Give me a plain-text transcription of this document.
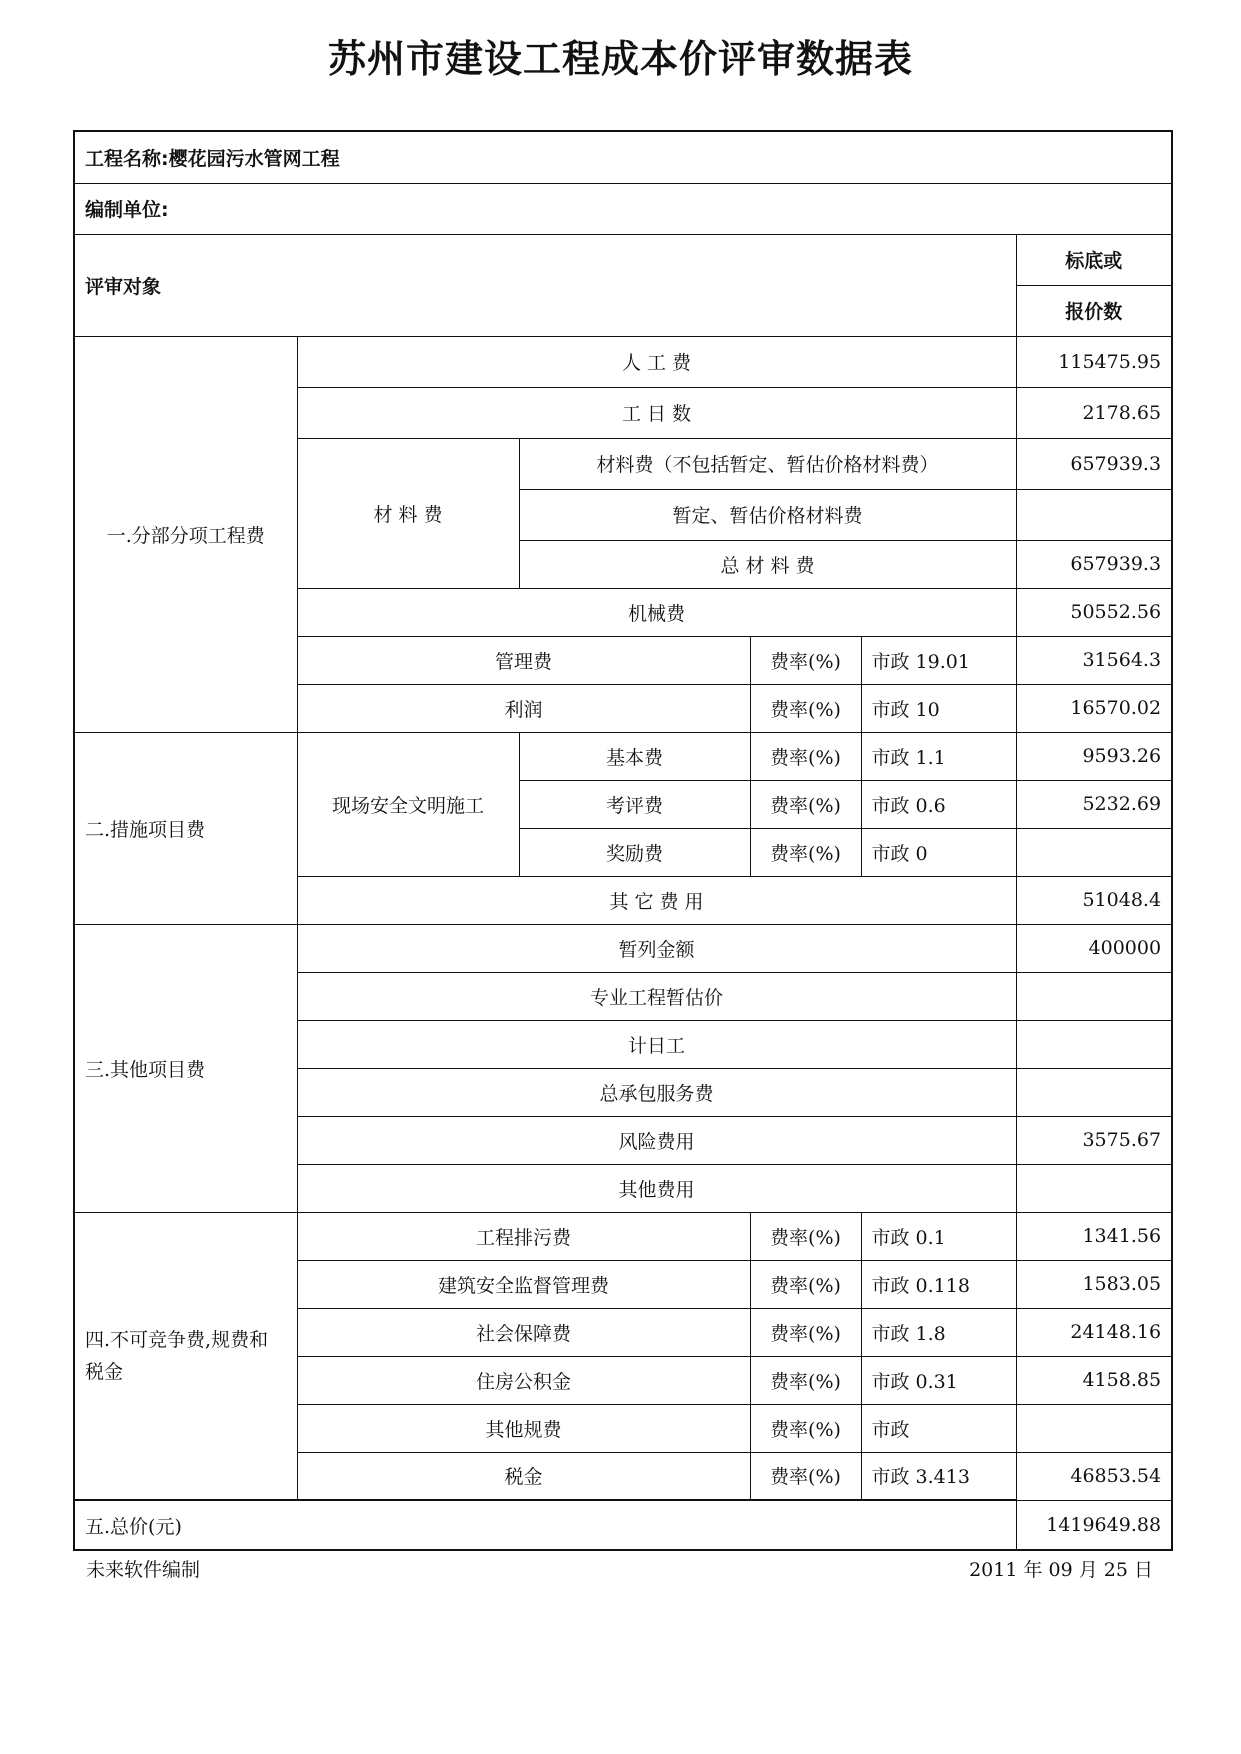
苏州市建设工程成本价评审数据表
工程名称:樱花园污水管网工程					
编制单位:					
评审对象					标底或
					报价数
一.分部分项工程费	人 工 费				115475.95
	工 日 数				2178.65
	材 料 费	材料费（不包括暂定、暂估价格材料费）			657939.3
		暂定、暂估价格材料费			
		总 材 料 费			657939.3
	机械费				50552.56
	管理费		费率(%)	市政 19.01	31564.3
	利润		费率(%)	市政 10	16570.02
二.措施项目费	现场安全文明施工	基本费	费率(%)	市政 1.1	9593.26
		考评费	费率(%)	市政 0.6	5232.69
		奖励费	费率(%)	市政 0	
	其 它 费 用				51048.4
三.其他项目费	暂列金额				400000
	专业工程暂估价				
	计日工				
	总承包服务费				
	风险费用				3575.67
	其他费用				
四.不可竞争费,规费和税金	工程排污费		费率(%)	市政 0.1	1341.56
	建筑安全监督管理费		费率(%)	市政 0.118	1583.05
	社会保障费		费率(%)	市政 1.8	24148.16
	住房公积金		费率(%)	市政 0.31	4158.85
	其他规费		费率(%)	市政	
	税金		费率(%)	市政 3.413	46853.54
五.总价(元)					1419649.88
未来软件编制	2011 年 09 月 25 日
